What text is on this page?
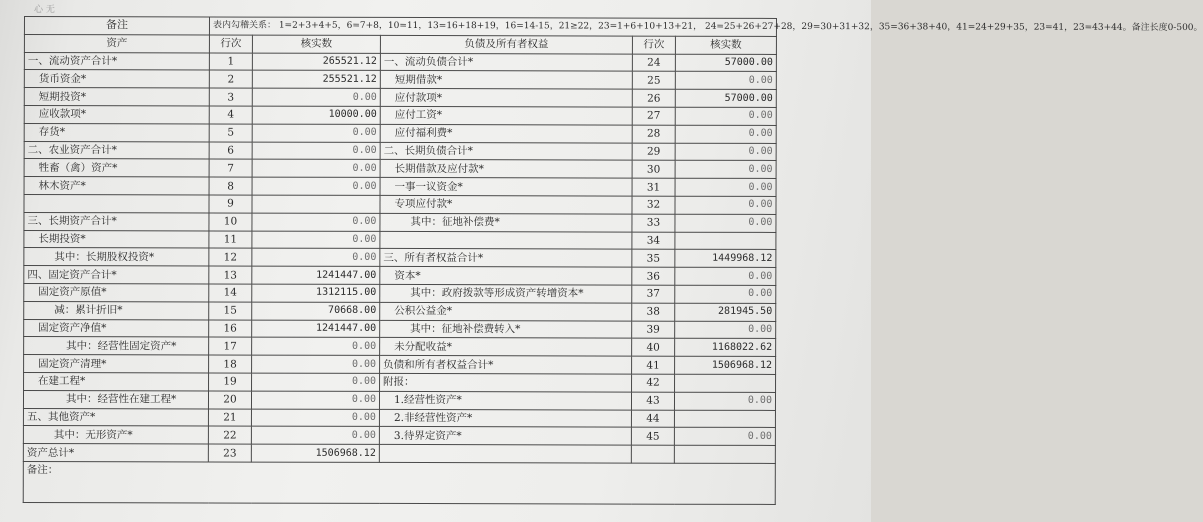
心 无
备注	表内勾稽关系： 1=2+3+4+5，6=7+8，10=11，13=16+18+19，16=14-15，21≥22，23=1+6+10+13+21， 24=25+26+27+28，29=30+31+32，35=36+38+40，41=24+29+35，23=41，23=43+44。备注长度0-500。				
资产	行次	核实数	负债及所有者权益	行次	核实数
一、流动资产合计*	1	265521.12	一、流动负债合计*	24	57000.00
货币资金*	2	255521.12	短期借款*	25	0.00
短期投资*	3	0.00	应付款项*	26	57000.00
应收款项*	4	10000.00	应付工资*	27	0.00
存货*	5	0.00	应付福利费*	28	0.00
二、农业资产合计*	6	0.00	二、长期负债合计*	29	0.00
牲畜（禽）资产*	7	0.00	长期借款及应付款*	30	0.00
林木资产*	8	0.00	一事一议资金*	31	0.00
	9		专项应付款*	32	0.00
三、长期资产合计*	10	0.00	其中：征地补偿费*	33	0.00
长期投资*	11	0.00		34	
其中：长期股权投资*	12	0.00	三、所有者权益合计*	35	1449968.12
四、固定资产合计*	13	1241447.00	资本*	36	0.00
固定资产原值*	14	1312115.00	其中：政府拨款等形成资产转增资本*	37	0.00
减：累计折旧*	15	70668.00	公积公益金*	38	281945.50
固定资产净值*	16	1241447.00	其中：征地补偿费转入*	39	0.00
其中：经营性固定资产*	17	0.00	未分配收益*	40	1168022.62
固定资产清理*	18	0.00	负债和所有者权益合计*	41	1506968.12
在建工程*	19	0.00	附报：	42	
其中：经营性在建工程*	20	0.00	1.经营性资产*	43	0.00
五、其他资产*	21	0.00	2.非经营性资产*	44	
其中：无形资产*	22	0.00	3.待界定资产*	45	0.00
资产总计*	23	1506968.12			
备注：					
